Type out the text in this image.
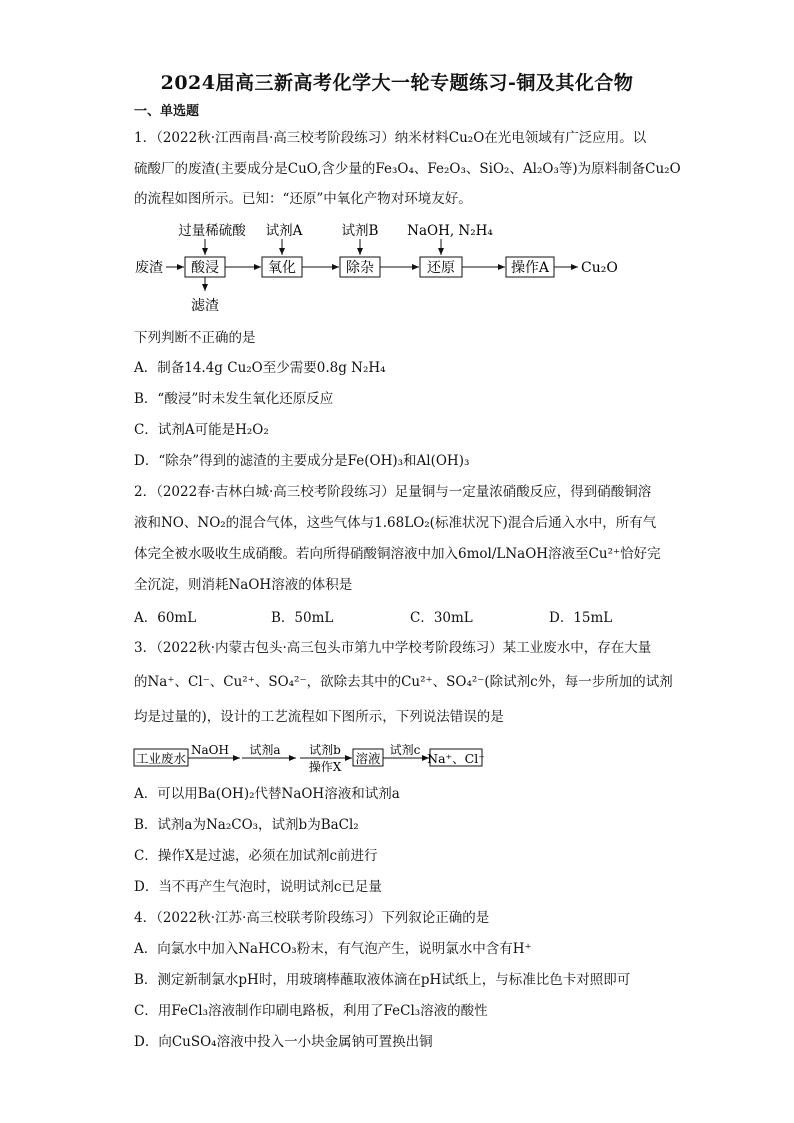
2024届高三新高考化学大一轮专题练习-铜及其化合物
一、单选题
1．（2022秋·江西南昌·高三校考阶段练习）纳米材料Cu₂O在光电领域有广泛应用。以
硫酸厂的废渣(主要成分是CuO,含少量的Fe₃O₄、Fe₂O₃、SiO₂、Al₂O₃等)为原料制备Cu₂O
的流程如图所示。已知：“还原”中氧化产物对环境友好。
废渣 酸浸
过量稀硫酸
滤渣
氧化
试剂A
除杂
试剂B
还原
NaOH, N₂H₄
操作A Cu₂O
下列判断不正确的是
A．制备14.4g Cu₂O至少需要0.8g N₂H₄
B．“酸浸”时未发生氧化还原反应
C．试剂A可能是H₂O₂
D．“除杂”得到的滤渣的主要成分是Fe(OH)₃和Al(OH)₃
2．（2022春·吉林白城·高三校考阶段练习）足量铜与一定量浓硝酸反应，得到硝酸铜溶
液和NO、NO₂的混合气体，这些气体与1.68LO₂(标准状况下)混合后通入水中，所有气
体完全被水吸收生成硝酸。若向所得硝酸铜溶液中加入6mol/LNaOH溶液至Cu²⁺恰好完
全沉淀，则消耗NaOH溶液的体积是
A．60mL	B．50mL	C．30mL	D．15mL
3．（2022秋·内蒙古包头·高三包头市第九中学校考阶段练习）某工业废水中，存在大量
的Na⁺、Cl⁻、Cu²⁺、SO₄²⁻，欲除去其中的Cu²⁺、SO₄²⁻(除试剂c外，每一步所加的试剂
均是过量的)，设计的工艺流程如下图所示，下列说法错误的是
工业废水
NaOH 试剂a 试剂b
操作X
溶液
试剂c
Na⁺、Cl⁻
A．可以用Ba(OH)₂代替NaOH溶液和试剂a
B．试剂a为Na₂CO₃，试剂b为BaCl₂
C．操作X是过滤，必须在加试剂c前进行
D．当不再产生气泡时，说明试剂c已足量
4．（2022秋·江苏·高三校联考阶段练习）下列叙论正确的是
A．向氯水中加入NaHCO₃粉末，有气泡产生，说明氯水中含有H⁺
B．测定新制氯水pH时，用玻璃棒蘸取液体滴在pH试纸上，与标准比色卡对照即可
C．用FeCl₃溶液制作印刷电路板，利用了FeCl₃溶液的酸性
D．向CuSO₄溶液中投入一小块金属钠可置换出铜
